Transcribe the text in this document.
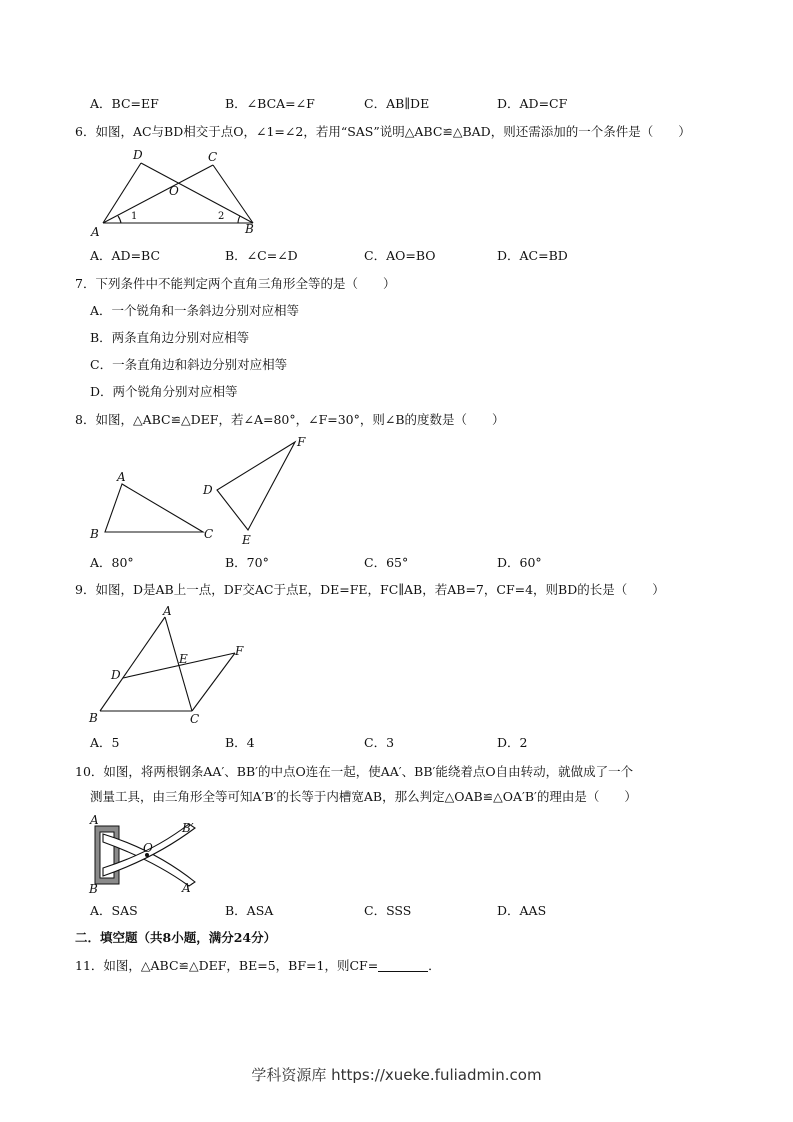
A．BC=EF	B．∠BCA=∠F	C．AB∥DE	D．AD=CF
6．如图，AC与BD相交于点O，∠1=∠2，若用“SAS”说明△ABC≌△BAD，则还需添加的一个条件是（　　）
A	B
C
D
O
1	2
A．AD=BC	B．∠C=∠D	C．AO=BO	D．AC=BD
7．下列条件中不能判定两个直角三角形全等的是（　　）
A．一个锐角和一条斜边分别对应相等
B．两条直角边分别对应相等
C．一条直角边和斜边分别对应相等
D．两个锐角分别对应相等
8．如图，△ABC≌△DEF，若∠A=80°，∠F=30°，则∠B的度数是（　　）
A
B	C
D
E
F
A．80°	B．70°	C．65°	D．60°
9．如图，D是AB上一点，DF交AC于点E，DE=FE，FC∥AB，若AB=7，CF=4，则BD的长是（　　）
A
B	C
D
E
F
A．5	B．4	C．3	D．2
10．如图，将两根钢条AA′、BB′的中点O连在一起，使AA′、BB′能绕着点O自由转动，就做成了一个
测量工具，由三角形全等可知A′B′的长等于内槽宽AB，那么判定△OAB≌△OA′B′的理由是（　　）
A
B
O
B′
A′
A．SAS	B．ASA	C．SSS	D．AAS
二．填空题（共8小题，满分24分）
11．如图，△ABC≌△DEF，BE=5，BF=1，则CF=	．
学科资源库 https://xueke.fuliadmin.com
